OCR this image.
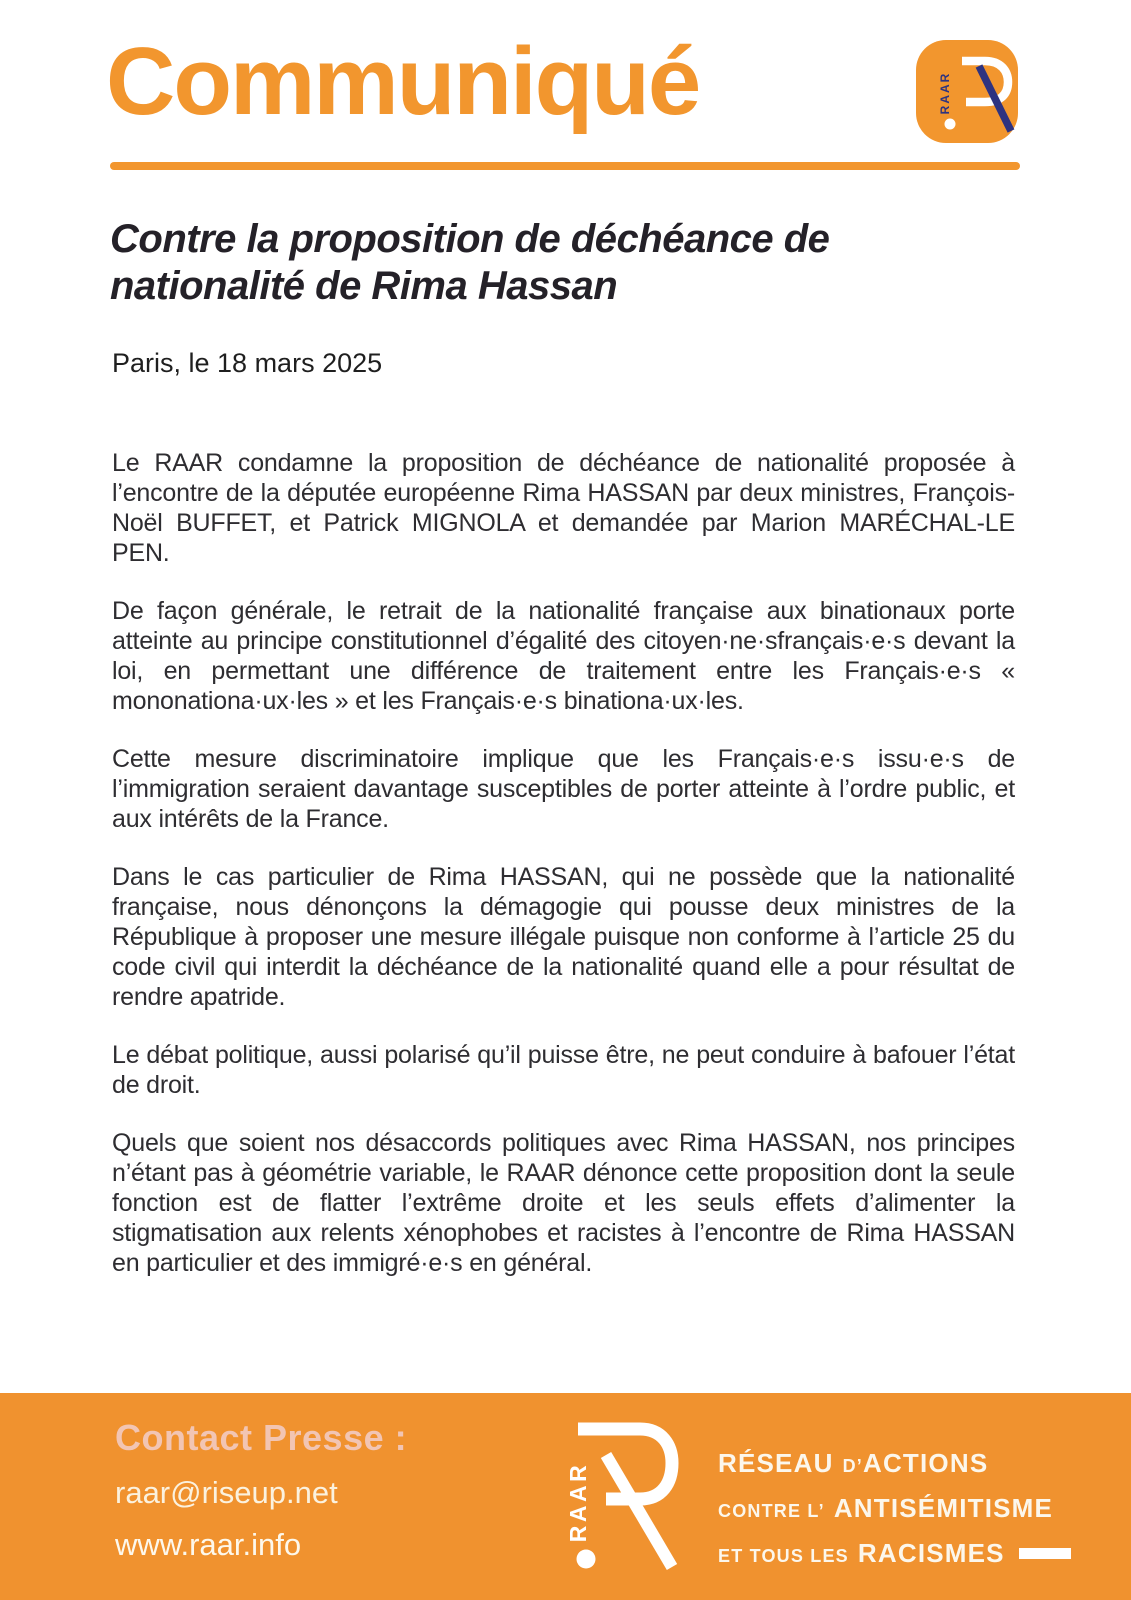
Communiqué	RAAR
Contre la proposition de déchéance de nationalité de Rima Hassan

Paris, le 18 mars 2025

Le RAAR condamne la proposition de déchéance de nationalité proposée à l’encontre de la députée européenne Rima HASSAN par deux ministres, François-Noël BUFFET, et Patrick MIGNOLA et demandée par Marion MARÉCHAL-LE PEN.

De façon générale, le retrait de la nationalité française aux binationaux porte atteinte au principe constitutionnel d’égalité des citoyen·ne·sfrançais·e·s devant la loi, en permettant une différence de traitement entre les Français·e·s « mononationa·ux·les » et les Français·e·s binationa·ux·les.

Cette mesure discriminatoire implique que les Français·e·s issu·e·s de l’immigration seraient davantage susceptibles de porter atteinte à l’ordre public, et aux intérêts de la France.

Dans le cas particulier de Rima HASSAN, qui ne possède que la nationalité française, nous dénonçons la démagogie qui pousse deux ministres de la République à proposer une mesure illégale puisque non conforme à l’article 25 du code civil qui interdit la déchéance de la nationalité quand elle a pour résultat de rendre apatride.

Le débat politique, aussi polarisé qu’il puisse être, ne peut conduire à bafouer l’état de droit.

Quels que soient nos désaccords politiques avec Rima HASSAN, nos principes n’étant pas à géométrie variable, le RAAR dénonce cette proposition dont la seule fonction est de flatter l’extrême droite et les seuls effets d’alimenter la stigmatisation aux relents xénophobes et racistes à l’encontre de Rima HASSAN en particulier et des immigré·e·s en général.

Contact Presse :
raar@riseup.net
www.raar.info
RAAR	RÉSEAU D’ACTIONS
CONTRE L’ ANTISÉMITISME
ET TOUS LES RACISMES
